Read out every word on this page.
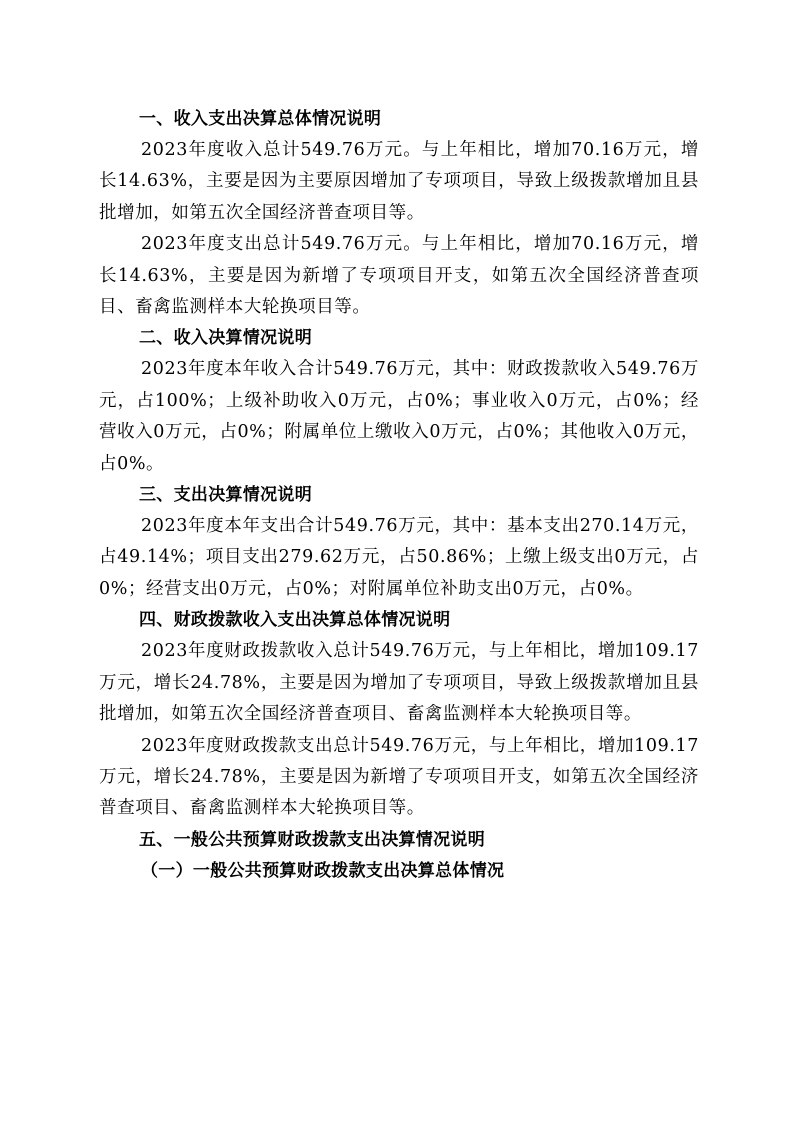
一、收入支出决算总体情况说明

2023年度收入总计549.76万元。与上年相比，增加70.16万元，增长14.63%，主要是因为主要原因增加了专项项目，导致上级拨款增加且县批增加，如第五次全国经济普查项目等。

2023年度支出总计549.76万元。与上年相比，增加70.16万元，增长14.63%，主要是因为新增了专项项目开支，如第五次全国经济普查项目、畜禽监测样本大轮换项目等。

二、收入决算情况说明

2023年度本年收入合计549.76万元，其中：财政拨款收入549.76万元，占100%；上级补助收入0万元，占0%；事业收入0万元，占0%；经营收入0万元，占0%；附属单位上缴收入0万元，占0%；其他收入0万元，占0%。

三、支出决算情况说明

2023年度本年支出合计549.76万元，其中：基本支出270.14万元，占49.14%；项目支出279.62万元，占50.86%；上缴上级支出0万元，占0%；经营支出0万元，占0%；对附属单位补助支出0万元，占0%。

四、财政拨款收入支出决算总体情况说明

2023年度财政拨款收入总计549.76万元，与上年相比，增加109.17万元，增长24.78%，主要是因为增加了专项项目，导致上级拨款增加且县批增加，如第五次全国经济普查项目、畜禽监测样本大轮换项目等。

2023年度财政拨款支出总计549.76万元，与上年相比，增加109.17万元，增长24.78%，主要是因为新增了专项项目开支，如第五次全国经济普查项目、畜禽监测样本大轮换项目等。

五、一般公共预算财政拨款支出决算情况说明

（一）一般公共预算财政拨款支出决算总体情况
